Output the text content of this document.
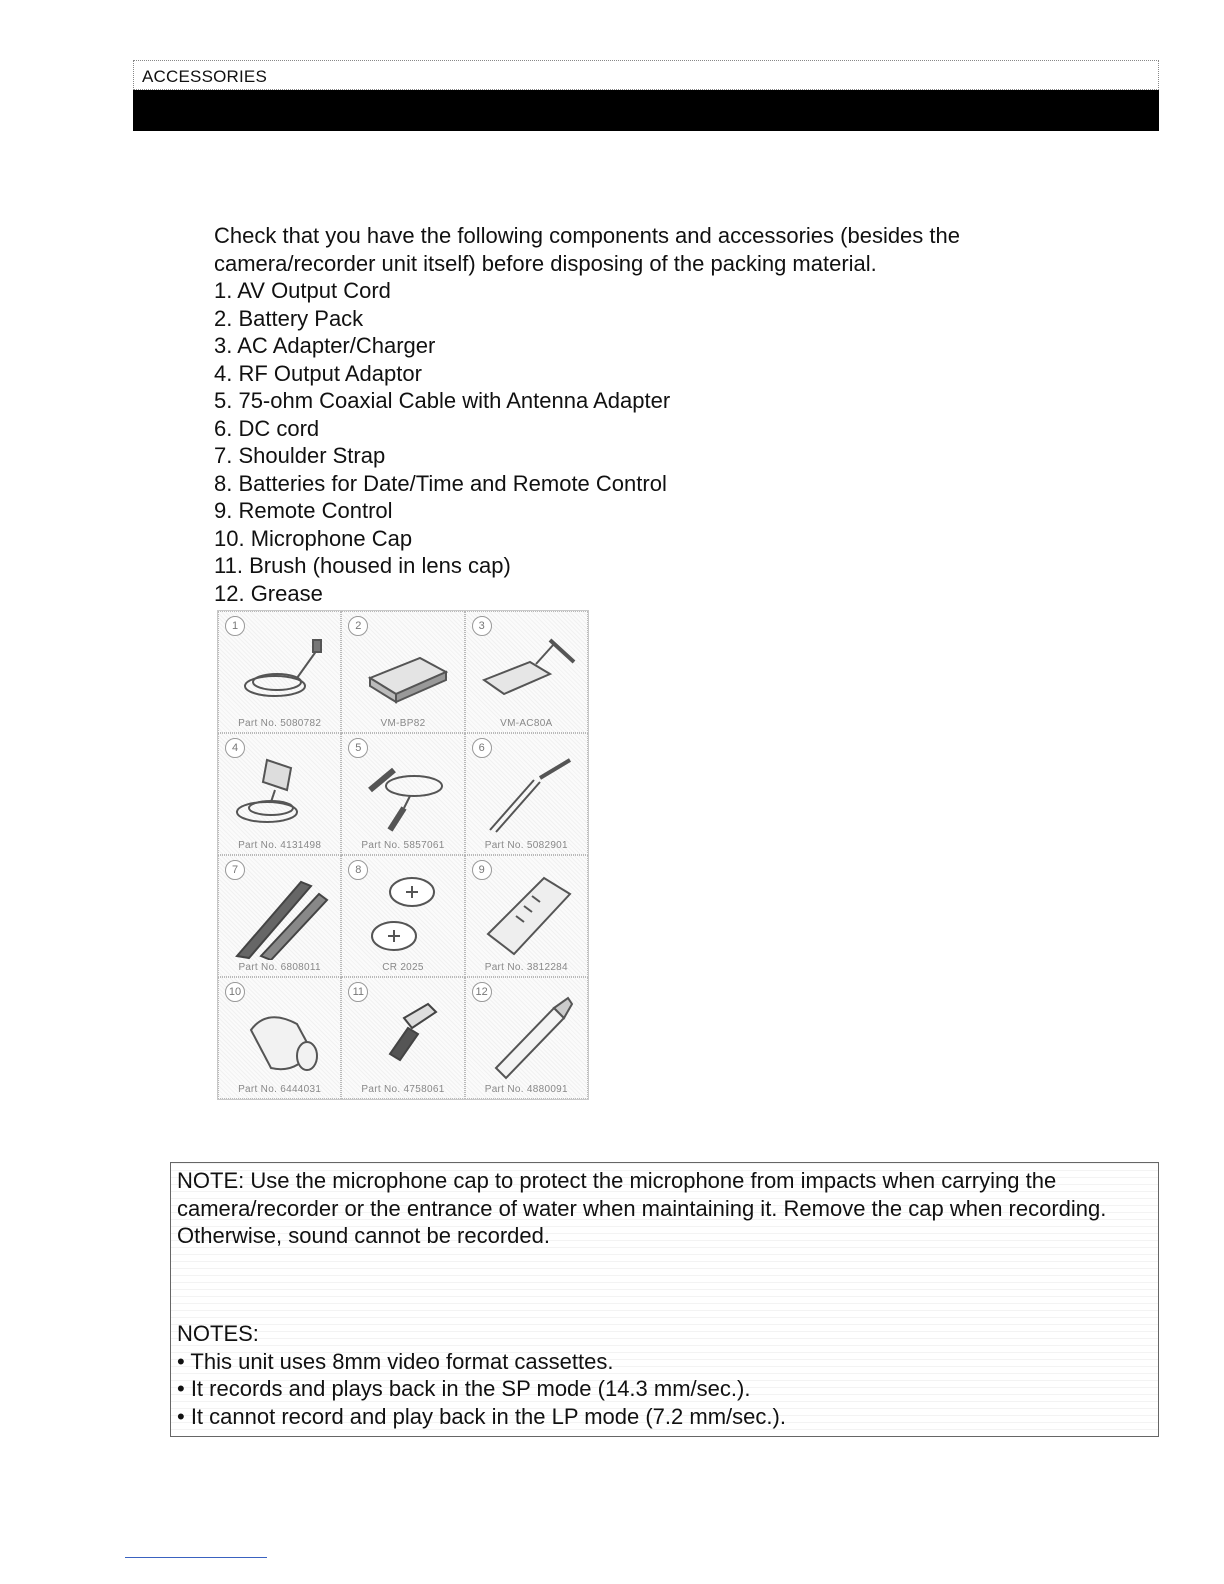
ACCESSORIES

Check that you have the following components and accessories (besides the camera/recorder unit itself) before disposing of the packing material.

1. AV Output Cord
2. Battery Pack
3. AC Adapter/Charger
4. RF Output Adaptor
5. 75-ohm Coaxial Cable with Antenna Adapter
6. DC cord
7. Shoulder Strap
8. Batteries for Date/Time and Remote Control
9. Remote Control
10. Microphone Cap
11. Brush (housed in lens cap)
12. Grease
1
Part No. 5080782
2
VM-BP82
3
VM-AC80A
4
Part No. 4131498
5
Part No. 5857061
6
Part No. 5082901
7
Part No. 6808011
8
CR 2025
9
Part No. 3812284
10
Part No. 6444031
11
Part No. 4758061
12
Part No. 4880091

NOTE: Use the microphone cap to protect the microphone from impacts when carrying the camera/recorder or the entrance of water when maintaining it. Remove the cap when recording. Otherwise, sound cannot be recorded.

NOTES:

• This unit uses 8mm video format cassettes.
• It records and plays back in the SP mode (14.3 mm/sec.).
• It cannot record and play back in the LP mode (7.2 mm/sec.).
